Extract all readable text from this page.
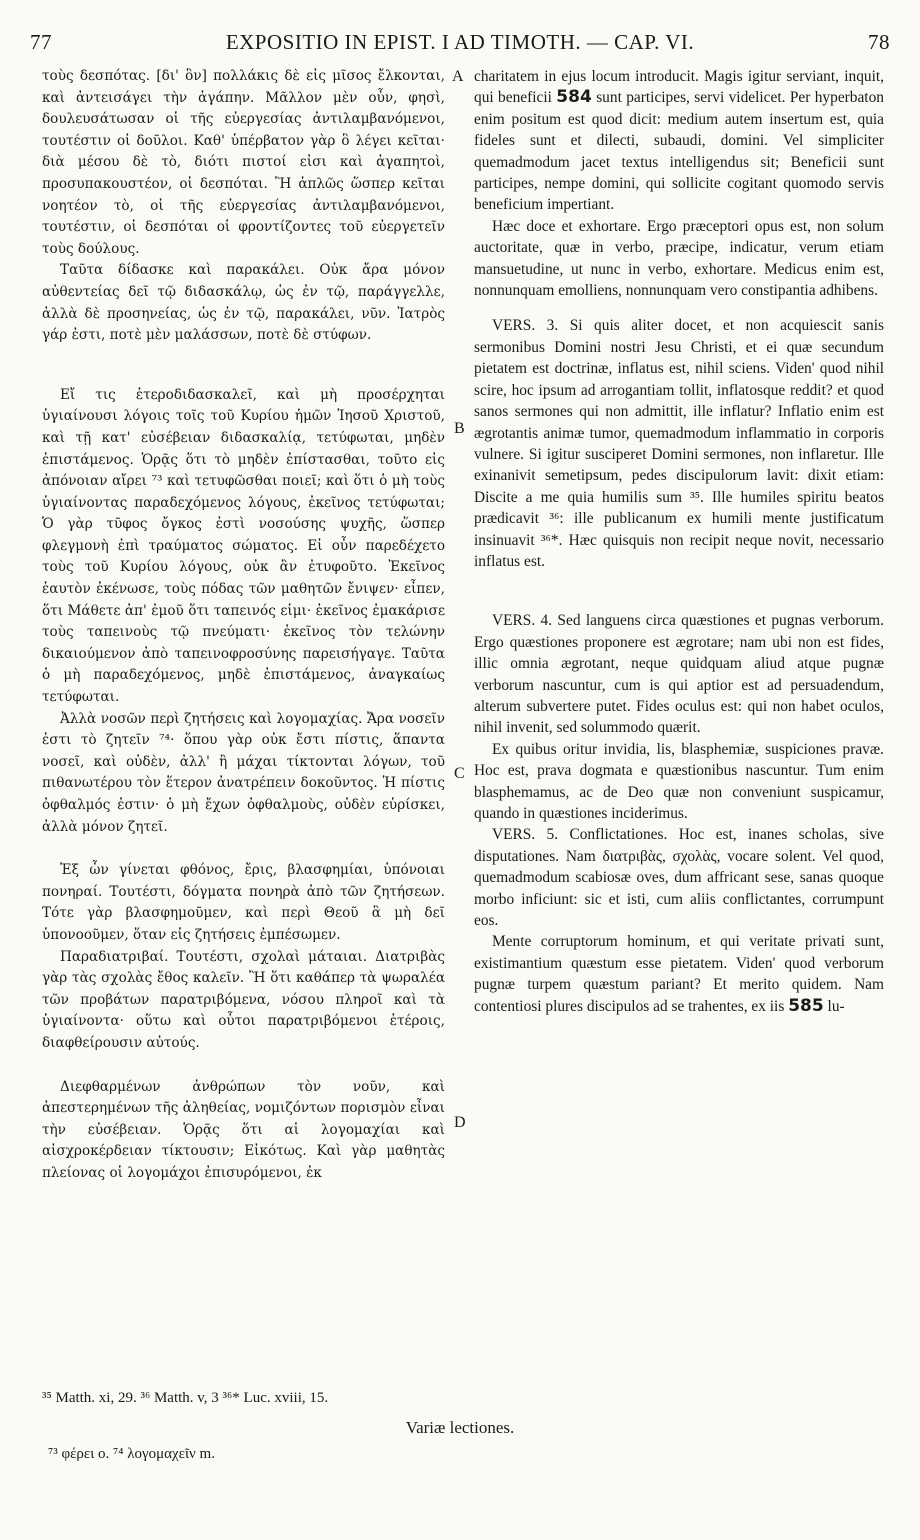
77	EXPOSITIO IN EPIST. I AD TIMOTH. — CAP. VI.	78
A
B
C
D

τοὺς δεσπότας. [δι' ὃν] πολλάκις δὲ εἰς μῖσος ἔλκονται, καὶ ἀντεισάγει τὴν ἀγάπην. Μᾶλλον μὲν οὖν, φησὶ, δουλευσάτωσαν οἱ τῆς εὐεργεσίας ἀντιλαμβανόμενοι, τουτέστιν οἱ δοῦλοι. Καθ' ὑπέρβατον γὰρ ὃ λέγει κεῖται· διὰ μέσου δὲ τὸ, διότι πιστοί εἰσι καὶ ἀγαπητοὶ, προσυπακουστέον, οἱ δεσπόται. Ἢ ἁπλῶς ὥσπερ κεῖται νοητέον τὸ, οἱ τῆς εὐεργεσίας ἀντιλαμβανόμενοι, τουτέστιν, οἱ δεσπόται οἱ φροντίζοντες τοῦ εὐεργετεῖν τοὺς δούλους.

Ταῦτα δίδασκε καὶ παρακάλει. Οὐκ ἄρα μόνον αὐθεντείας δεῖ τῷ διδασκάλῳ, ὡς ἐν τῷ, παράγγελλε, ἀλλὰ δὲ προσηνείας, ὡς ἐν τῷ, παρακάλει, νῦν. Ἰατρὸς γάρ ἐστι, ποτὲ μὲν μαλάσσων, ποτὲ δὲ στύφων.

Εἴ τις ἑτεροδιδασκαλεῖ, καὶ μὴ προσέρχηται ὑγιαίνουσι λόγοις τοῖς τοῦ Κυρίου ἡμῶν Ἰησοῦ Χριστοῦ, καὶ τῇ κατ' εὐσέβειαν διδασκαλίᾳ, τετύφωται, μηδὲν ἐπιστάμενος. Ὁρᾷς ὅτι τὸ μηδὲν ἐπίστασθαι, τοῦτο εἰς ἀπόνοιαν αἴρει ⁷³ καὶ τετυφῶσθαι ποιεῖ; καὶ ὅτι ὁ μὴ τοὺς ὑγιαίνοντας παραδεχόμενος λόγους, ἐκεῖνος τετύφωται; Ὁ γὰρ τῦφος ὄγκος ἐστὶ νοσούσης ψυχῆς, ὥσπερ φλεγμονὴ ἐπὶ τραύματος σώματος. Εἰ οὖν παρεδέχετο τοὺς τοῦ Κυρίου λόγους, οὐκ ἂν ἐτυφοῦτο. Ἐκεῖνος ἑαυτὸν ἐκένωσε, τοὺς πόδας τῶν μαθητῶν ἔνιψεν· εἶπεν, ὅτι Μάθετε ἀπ' ἐμοῦ ὅτι ταπεινός εἰμι· ἐκεῖνος ἐμακάρισε τοὺς ταπεινοὺς τῷ πνεύματι· ἐκεῖνος τὸν τελώνην δικαιούμενον ἀπὸ ταπεινοφροσύνης παρεισήγαγε. Ταῦτα ὁ μὴ παραδεχόμενος, μηδὲ ἐπιστάμενος, ἀναγκαίως τετύφωται.

Ἀλλὰ νοσῶν περὶ ζητήσεις καὶ λογομαχίας. Ἄρα νοσεῖν ἐστι τὸ ζητεῖν ⁷⁴· ὅπου γὰρ οὐκ ἔστι πίστις, ἅπαντα νοσεῖ, καὶ οὐδὲν, ἀλλ' ἢ μάχαι τίκτονται λόγων, τοῦ πιθανωτέρου τὸν ἕτερον ἀνατρέπειν δοκοῦντος. Ἡ πίστις ὀφθαλμός ἐστιν· ὁ μὴ ἔχων ὀφθαλμοὺς, οὐδὲν εὑρίσκει, ἀλλὰ μόνον ζητεῖ.

Ἐξ ὧν γίνεται φθόνος, ἔρις, βλασφημίαι, ὑπόνοιαι πονηραί. Τουτέστι, δόγματα πονηρὰ ἀπὸ τῶν ζητήσεων. Τότε γὰρ βλασφημοῦμεν, καὶ περὶ Θεοῦ ἃ μὴ δεῖ ὑπονοοῦμεν, ὅταν εἰς ζητήσεις ἐμπέσωμεν.

Παραδιατριβαί. Τουτέστι, σχολαὶ μάταιαι. Διατριβὰς γὰρ τὰς σχολὰς ἔθος καλεῖν. Ἢ ὅτι καθάπερ τὰ ψωραλέα τῶν προβάτων παρατριβόμενα, νόσου πληροῖ καὶ τὰ ὑγιαίνοντα· οὕτω καὶ οὗτοι παρατριβόμενοι ἑτέροις, διαφθείρουσιν αὐτούς.

Διεφθαρμένων ἀνθρώπων τὸν νοῦν, καὶ ἀπεστερημένων τῆς ἀληθείας, νομιζόντων πορισμὸν εἶναι τὴν εὐσέβειαν. Ὁρᾷς ὅτι αἱ λογομαχίαι καὶ αἰσχροκέρδειαν τίκτουσιν; Εἰκότως. Καὶ γὰρ μαθητὰς πλείονας οἱ λογομάχοι ἐπισυρόμενοι, ἐκ

charitatem in ejus locum introducit. Magis igitur serviant, inquit, qui beneficii 584 sunt participes, servi videlicet. Per hyperbaton enim positum est quod dicit: medium autem insertum est, quia fideles sunt et dilecti, subaudi, domini. Vel simpliciter quemadmodum jacet textus intelligendus sit; Beneficii sunt participes, nempe domini, qui sollicite cogitant quomodo servis beneficium impertiant.

Hæc doce et exhortare. Ergo præceptori opus est, non solum auctoritate, quæ in verbo, præcipe, indicatur, verum etiam mansuetudine, ut nunc in verbo, exhortare. Medicus enim est, nonnunquam emolliens, nonnunquam vero constipantia adhibens.

VERS. 3. Si quis aliter docet, et non acquiescit sanis sermonibus Domini nostri Jesu Christi, et ei quæ secundum pietatem est doctrinæ, inflatus est, nihil sciens. Viden' quod nihil scire, hoc ipsum ad arrogantiam tollit, inflatosque reddit? et quod sanos sermones qui non admittit, ille inflatur? Inflatio enim est ægrotantis animæ tumor, quemadmodum inflammatio in corporis vulnere. Si igitur susciperet Domini sermones, non inflaretur. Ille exinanivit semetipsum, pedes discipulorum lavit: dixit etiam: Discite a me quia humilis sum ³⁵. Ille humiles spiritu beatos prædicavit ³⁶: ille publicanum ex humili mente justificatum insinuavit ³⁶*. Hæc quisquis non recipit neque novit, necessario inflatus est.

VERS. 4. Sed languens circa quæstiones et pugnas verborum. Ergo quæstiones proponere est ægrotare; nam ubi non est fides, illic omnia ægrotant, neque quidquam aliud atque pugnæ verborum nascuntur, cum is qui aptior est ad persuadendum, alterum subvertere putet. Fides oculus est: qui non habet oculos, nihil invenit, sed solummodo quærit.

Ex quibus oritur invidia, lis, blasphemiæ, suspiciones pravæ. Hoc est, prava dogmata e quæstionibus nascuntur. Tum enim blasphemamus, ac de Deo quæ non conveniunt suspicamur, quando in quæstiones inciderimus.

VERS. 5. Conflictationes. Hoc est, inanes scholas, sive disputationes. Nam διατριβὰς, σχολὰς, vocare solent. Vel quod, quemadmodum scabiosæ oves, dum affricant sese, sanas quoque morbo inficiunt: sic et isti, cum aliis conflictantes, corrumpunt eos.

Mente corruptorum hominum, et qui veritate privati sunt, existimantium quæstum esse pietatem. Viden' quod verborum pugnæ turpem quæstum pariant? Et merito quidem. Nam contentiosi plures discipulos ad se trahentes, ex iis 585 lu-

³⁵ Matth. xi, 29. ³⁶ Matth. v, 3 ³⁶* Luc. xviii, 15.
Variæ lectiones.
⁷³ φέρει ο. ⁷⁴ λογομαχεῖν m.
